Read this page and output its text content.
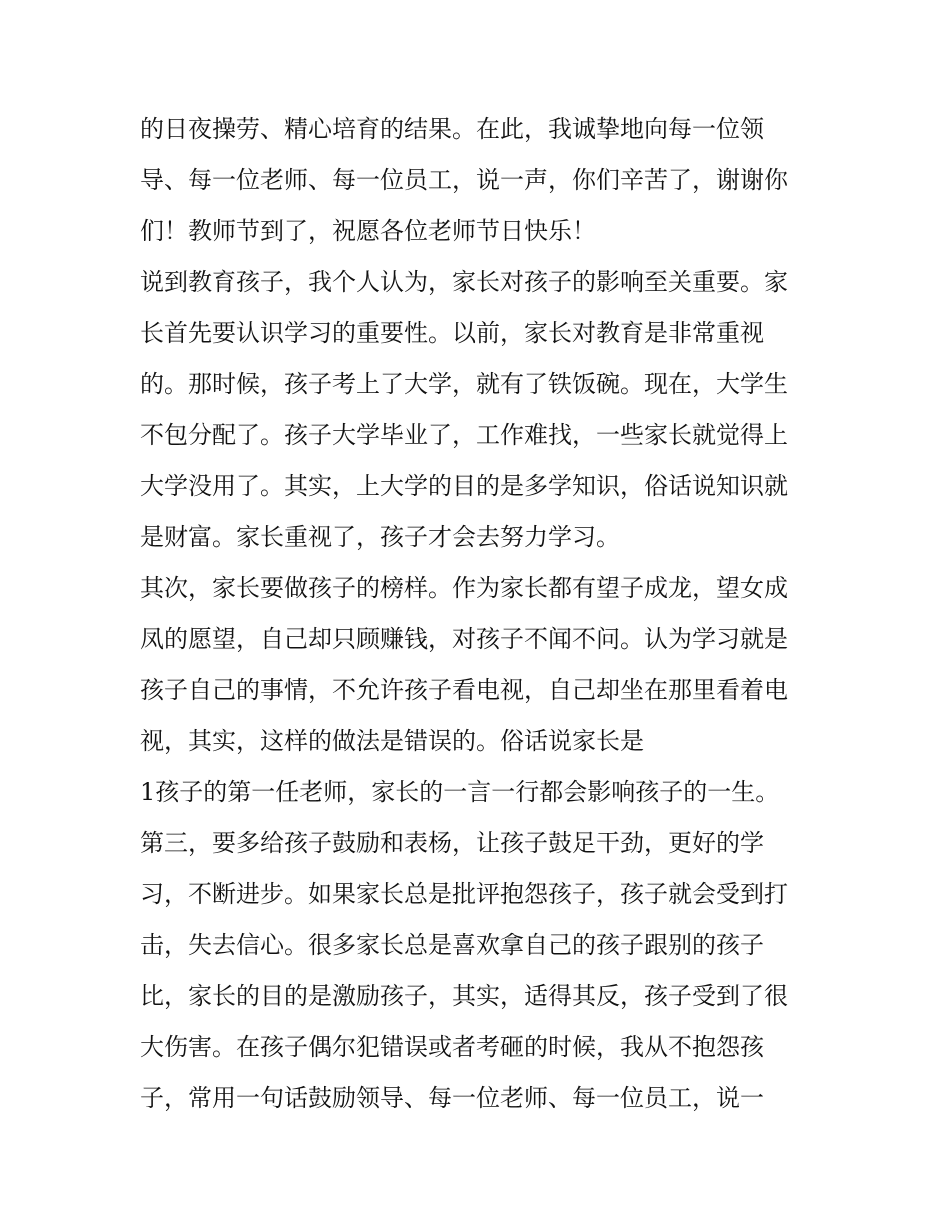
的日夜操劳、精心培育的结果。在此，我诚挚地向每一位领
导、每一位老师、每一位员工，说一声，你们辛苦了，谢谢你
们！教师节到了，祝愿各位老师节日快乐！
说到教育孩子，我个人认为，家长对孩子的影响至关重要。家
长首先要认识学习的重要性。以前，家长对教育是非常重视
的。那时候，孩子考上了大学，就有了铁饭碗。现在，大学生
不包分配了。孩子大学毕业了，工作难找，一些家长就觉得上
大学没用了。其实，上大学的目的是多学知识，俗话说知识就
是财富。家长重视了，孩子才会去努力学习。
其次，家长要做孩子的榜样。作为家长都有望子成龙，望女成
凤的愿望，自己却只顾赚钱，对孩子不闻不问。认为学习就是
孩子自己的事情，不允许孩子看电视，自己却坐在那里看着电
视，其实，这样的做法是错误的。俗话说家长是
1孩子的第一任老师，家长的一言一行都会影响孩子的一生。
第三，要多给孩子鼓励和表杨，让孩子鼓足干劲，更好的学
习，不断进步。如果家长总是批评抱怨孩子，孩子就会受到打
击，失去信心。很多家长总是喜欢拿自己的孩子跟别的孩子
比，家长的目的是激励孩子，其实，适得其反，孩子受到了很
大伤害。在孩子偶尔犯错误或者考砸的时候，我从不抱怨孩
子，常用一句话鼓励领导、每一位老师、每一位员工，说一
